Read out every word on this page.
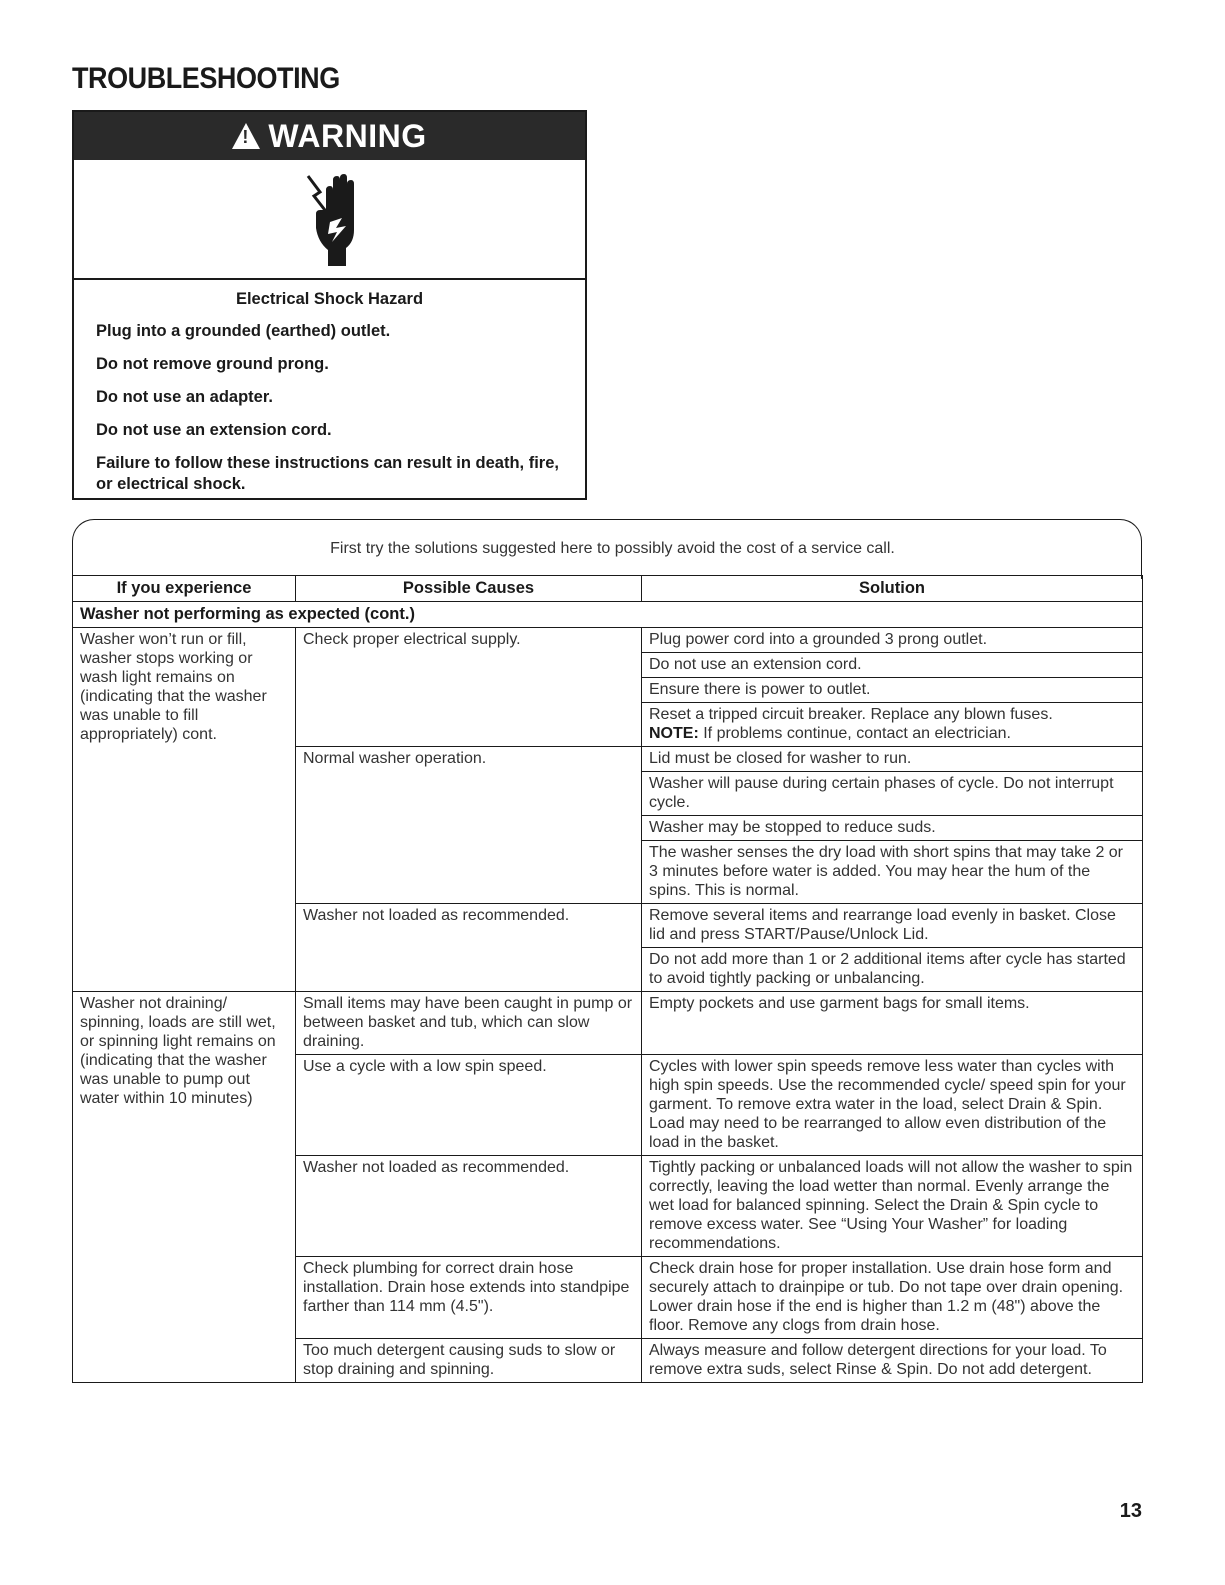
TROUBLESHOOTING
!
WARNING
Electrical Shock Hazard
Plug into a grounded (earthed) outlet.
Do not remove ground prong.
Do not use an adapter.
Do not use an extension cord.
Failure to follow these instructions can result in death, fire, or electrical shock.
First try the solutions suggested here to possibly avoid the cost of a service call.
If you experience	Possible Causes	Solution
Washer not performing as expected (cont.)		
Washer won’t run or fill, washer stops working or wash light remains on (indicating that the washer was unable to fill appropriately) cont.	Check proper electrical supply.	Plug power cord into a grounded 3 prong outlet.
		Do not use an extension cord.
		Ensure there is power to outlet.
		Reset a tripped circuit breaker. Replace any blown fuses.
NOTE: If problems continue, contact an electrician.
	Normal washer operation.	Lid must be closed for washer to run.
		Washer will pause during certain phases of cycle. Do not interrupt cycle.
		Washer may be stopped to reduce suds.
		The washer senses the dry load with short spins that may take 2 or 3 minutes before water is added. You may hear the hum of the spins. This is normal.
	Washer not loaded as recommended.	Remove several items and rearrange load evenly in basket. Close lid and press START/Pause/Unlock Lid.
		Do not add more than 1 or 2 additional items after cycle has started to avoid tightly packing or unbalancing.
Washer not draining/ spinning, loads are still wet, or spinning light remains on (indicating that the washer was unable to pump out water within 10 minutes)	Small items may have been caught in pump or between basket and tub, which can slow draining.	Empty pockets and use garment bags for small items.
	Use a cycle with a low spin speed.	Cycles with lower spin speeds remove less water than cycles with high spin speeds. Use the recommended cycle/ speed spin for your garment. To remove extra water in the load, select Drain & Spin. Load may need to be rearranged to allow even distribution of the load in the basket.
	Washer not loaded as recommended.	Tightly packing or unbalanced loads will not allow the washer to spin correctly, leaving the load wetter than normal. Evenly arrange the wet load for balanced spinning. Select the Drain & Spin cycle to remove excess water. See “Using Your Washer” for loading recommendations.
	Check plumbing for correct drain hose installation. Drain hose extends into standpipe farther than 114 mm (4.5").	Check drain hose for proper installation. Use drain hose form and securely attach to drainpipe or tub. Do not tape over drain opening. Lower drain hose if the end is higher than 1.2 m (48") above the floor. Remove any clogs from drain hose.
	Too much detergent causing suds to slow or stop draining and spinning.	Always measure and follow detergent directions for your load. To remove extra suds, select Rinse & Spin. Do not add detergent.
13
